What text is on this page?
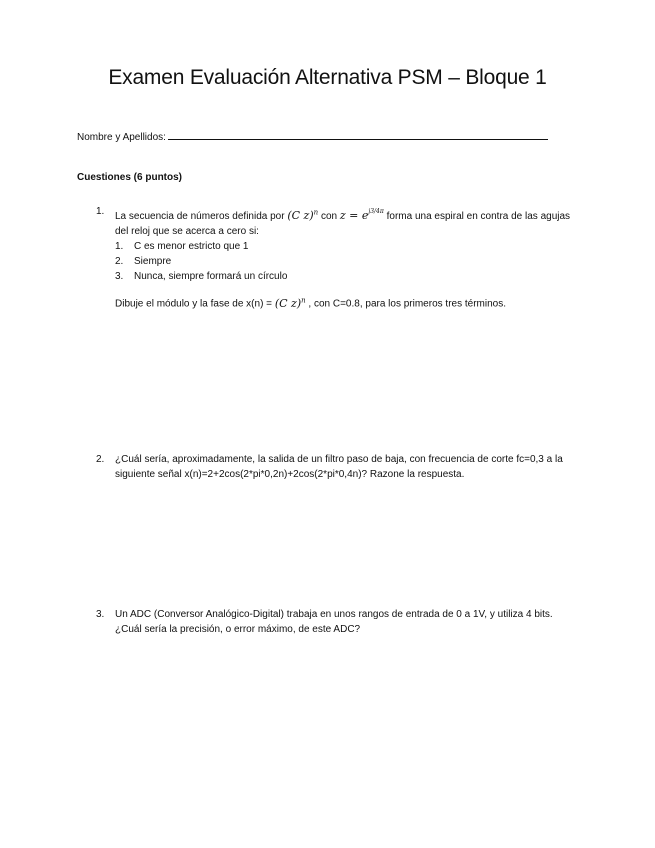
Examen Evaluación Alternativa PSM – Bloque 1
Nombre y Apellidos:
Cuestiones (6 puntos)
1. La secuencia de números definida por (C z)$^n$ con $z = e^{j3/4\pi}$ forma una espiral en contra de las agujas del reloj que se acerca a cero si:
1. C es menor estricto que 1
2. Siempre
3. Nunca, siempre formará un círculo
Dibuje el módulo y la fase de x(n) = (C z)$^n$ , con C=0.8, para los primeros tres términos.
2. ¿Cuál sería, aproximadamente, la salida de un filtro paso de baja, con frecuencia de corte fc=0,3 a la siguiente señal x(n)=2+2cos(2*pi*0,2n)+2cos(2*pi*0,4n)? Razone la respuesta.
3. Un ADC (Conversor Analógico-Digital) trabaja en unos rangos de entrada de 0 a 1V, y utiliza 4 bits. ¿Cuál sería la precisión, o error máximo, de este ADC?
